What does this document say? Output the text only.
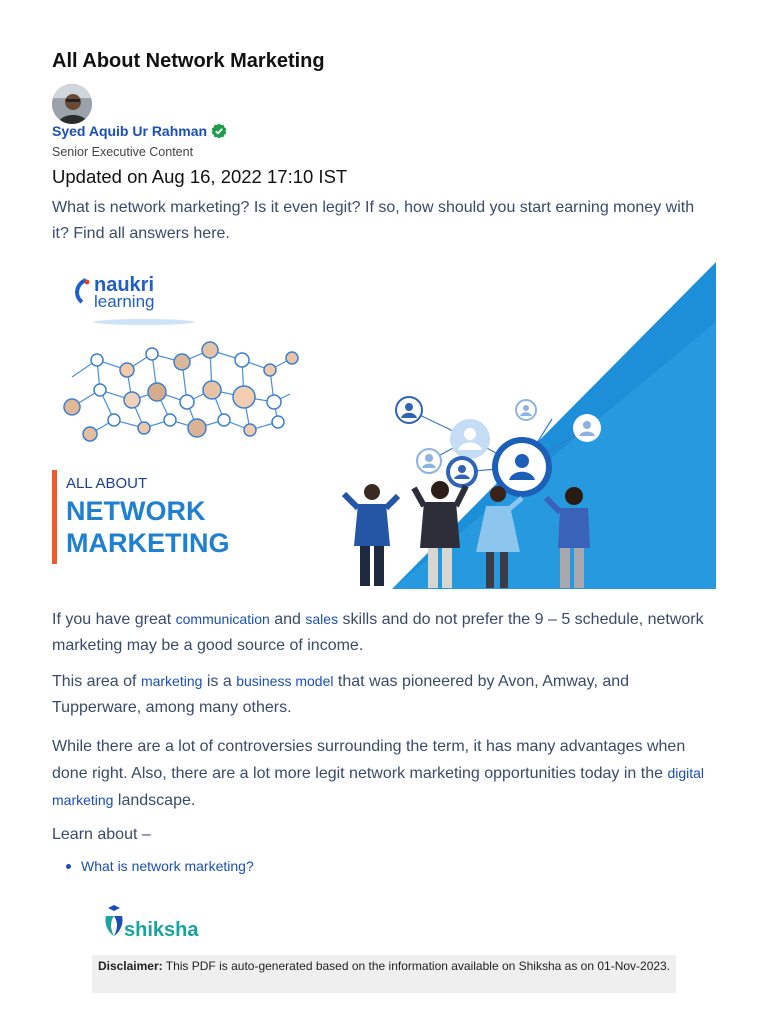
All About Network Marketing
Syed Aquib Ur Rahman
Senior Executive Content
Updated on Aug 16, 2022 17:10 IST
What is network marketing? Is it even legit? If so, how should you start earning money with it? Find all answers here.
naukri
learning
ALL ABOUT
NETWORK
MARKETING
If you have great communication and sales skills and do not prefer the 9 – 5 schedule, network marketing may be a good source of income.
This area of marketing is a business model that was pioneered by Avon, Amway, and Tupperware, among many others.
While there are a lot of controversies surrounding the term, it has many advantages when done right. Also, there are a lot more legit network marketing opportunities today in the digital marketing landscape.
Learn about –
What is network marketing?
shiksha
Disclaimer: This PDF is auto-generated based on the information available on Shiksha as on 01-Nov-2023.
